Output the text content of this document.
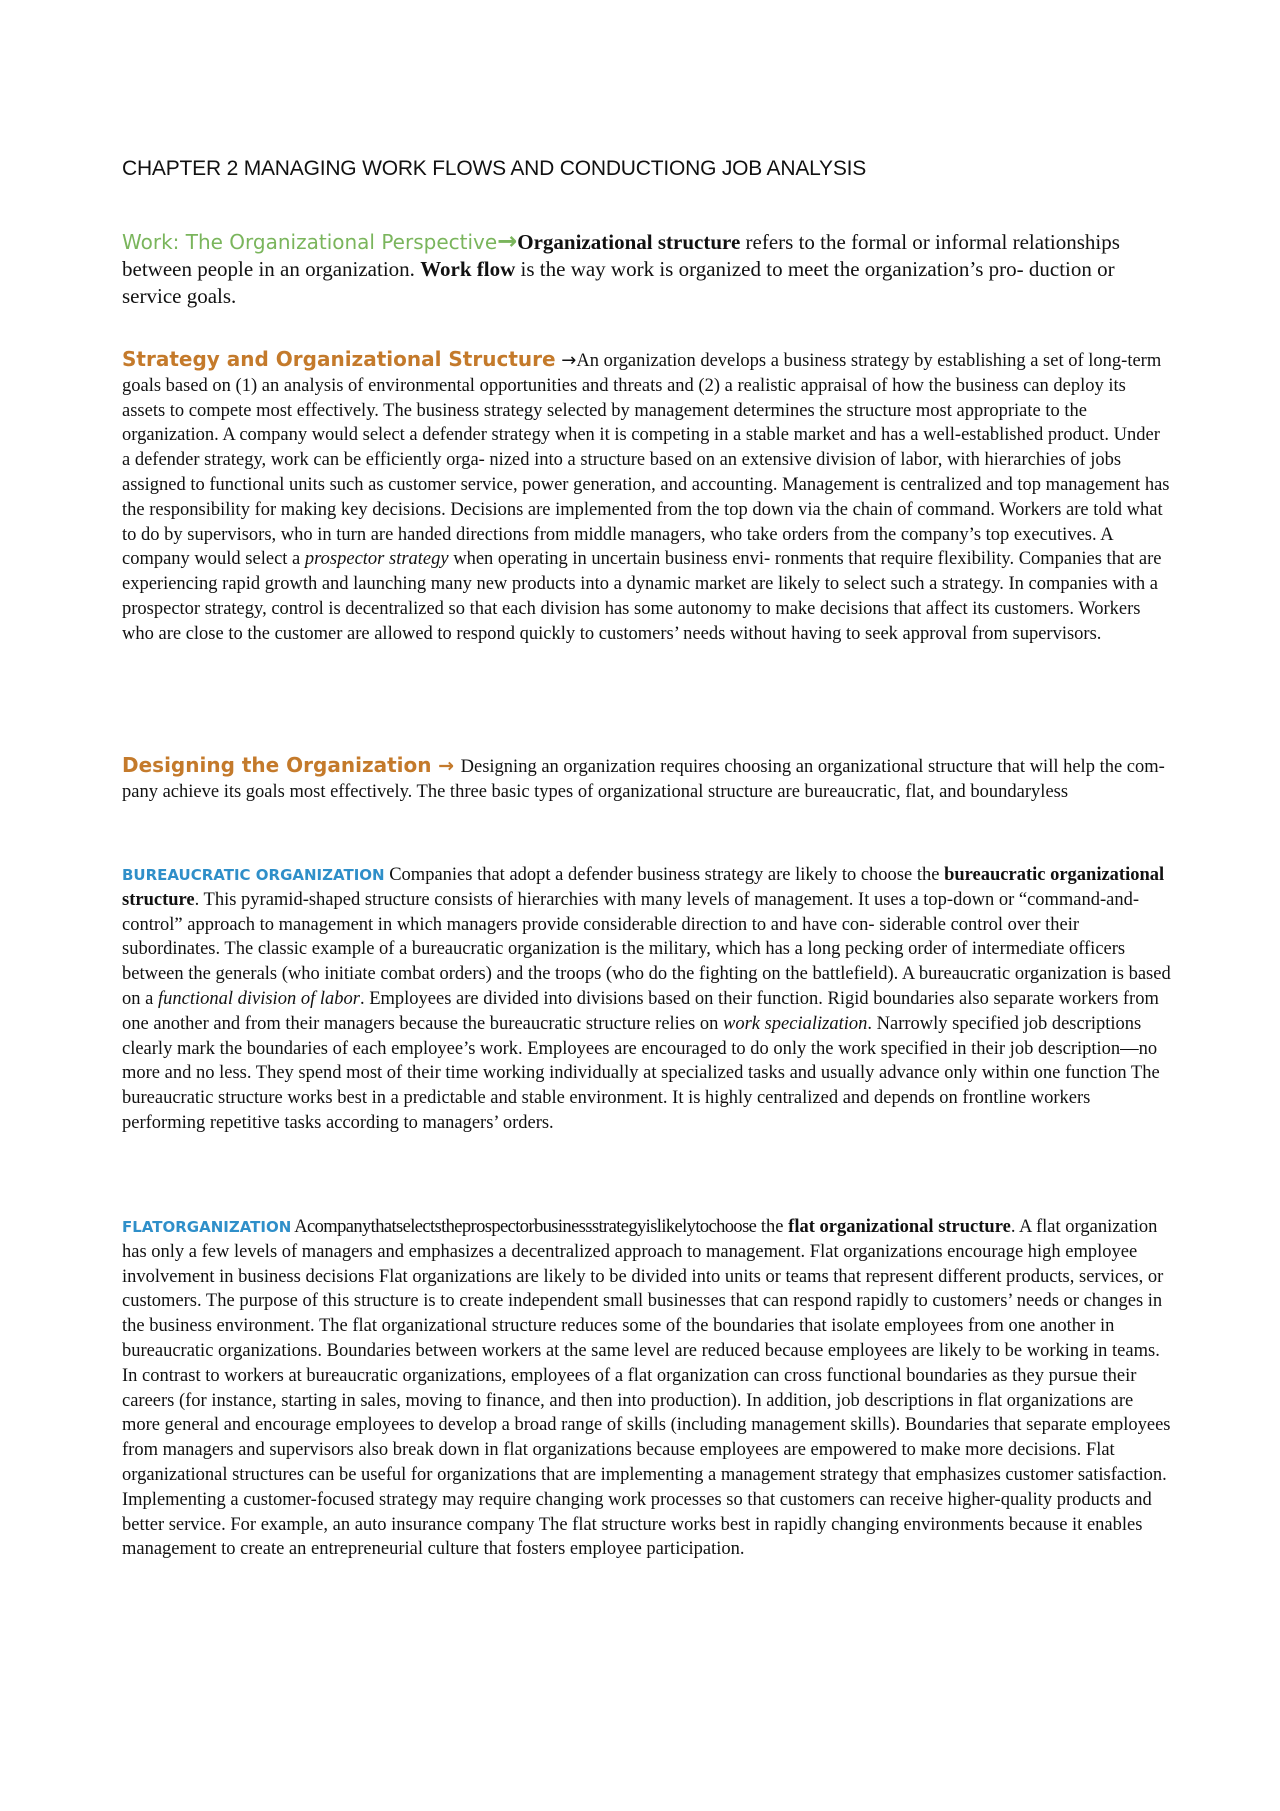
CHAPTER 2 MANAGING WORK FLOWS AND CONDUCTIONG JOB ANALYSIS
Work: The Organizational Perspective→Organizational structure refers to the formal or informal relationships between people in an organization. Work flow is the way work is organized to meet the organization’s pro- duction or service goals.
Strategy and Organizational Structure →An organization develops a business strategy by establishing a set of long-term goals based on (1) an analysis of environmental opportunities and threats and (2) a realistic appraisal of how the business can deploy its assets to compete most effectively. The business strategy selected by management determines the structure most appropriate to the organization. A company would select a defender strategy when it is competing in a stable market and has a well-established product. Under a defender strategy, work can be efficiently orga- nized into a structure based on an extensive division of labor, with hierarchies of jobs assigned to functional units such as customer service, power generation, and accounting. Management is centralized and top management has the responsibility for making key decisions. Decisions are implemented from the top down via the chain of command. Workers are told what to do by supervisors, who in turn are handed directions from middle managers, who take orders from the company’s top executives. A company would select a prospector strategy when operating in uncertain business envi- ronments that require flexibility. Companies that are experiencing rapid growth and launching many new products into a dynamic market are likely to select such a strategy. In companies with a prospector strategy, control is decentralized so that each division has some autonomy to make decisions that affect its customers. Workers who are close to the customer are allowed to respond quickly to customers’ needs without having to seek approval from supervisors.
Designing the Organization → Designing an organization requires choosing an organizational structure that will help the com- pany achieve its goals most effectively. The three basic types of organizational structure are bureaucratic, flat, and boundaryless
BUREAUCRATIC ORGANIZATION Companies that adopt a defender business strategy are likely to choose the bureaucratic organizational structure. This pyramid-shaped structure consists of hierarchies with many levels of management. It uses a top-down or “command-and-control” approach to management in which managers provide considerable direction to and have con- siderable control over their subordinates. The classic example of a bureaucratic organization is the military, which has a long pecking order of intermediate officers between the generals (who initiate combat orders) and the troops (who do the fighting on the battlefield). A bureaucratic organization is based on a functional division of labor. Employees are divided into divisions based on their function. Rigid boundaries also separate workers from one another and from their managers because the bureaucratic structure relies on work specialization. Narrowly specified job descriptions clearly mark the boundaries of each employee’s work. Employees are encouraged to do only the work specified in their job description—no more and no less. They spend most of their time working individually at specialized tasks and usually advance only within one function The bureaucratic structure works best in a predictable and stable environment. It is highly centralized and depends on frontline workers performing repetitive tasks according to managers’ orders.
FLATORGANIZATION Acompanythatselectstheprospectorbusinessstrategyislikelytochoose the flat organizational structure. A flat organization has only a few levels of managers and emphasizes a decentralized approach to management. Flat organizations encourage high employee involvement in business decisions Flat organizations are likely to be divided into units or teams that represent different products, services, or customers. The purpose of this structure is to create independent small businesses that can respond rapidly to customers’ needs or changes in the business environment. The flat organizational structure reduces some of the boundaries that isolate employees from one another in bureaucratic organizations. Boundaries between workers at the same level are reduced because employees are likely to be working in teams. In contrast to workers at bureaucratic organizations, employees of a flat organization can cross functional boundaries as they pursue their careers (for instance, starting in sales, moving to finance, and then into production). In addition, job descriptions in flat organizations are more general and encourage employees to develop a broad range of skills (including management skills). Boundaries that separate employees from managers and supervisors also break down in flat organizations because employees are empowered to make more decisions. Flat organizational structures can be useful for organizations that are implementing a management strategy that emphasizes customer satisfaction. Implementing a customer-focused strategy may require changing work processes so that customers can receive higher-quality products and better service. For example, an auto insurance company The flat structure works best in rapidly changing environments because it enables management to create an entrepreneurial culture that fosters employee participation.
